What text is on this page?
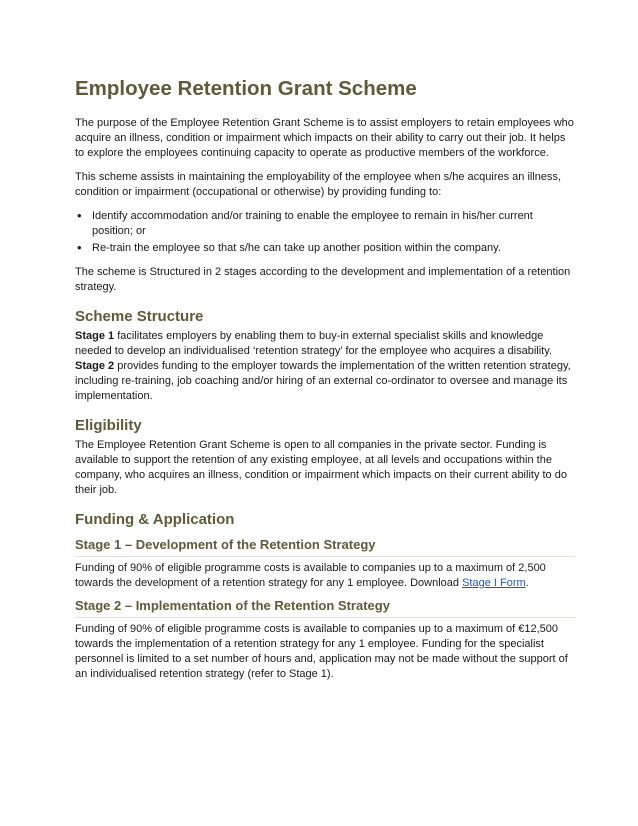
Employee Retention Grant Scheme

The purpose of the Employee Retention Grant Scheme is to assist employers to retain employees who acquire an illness, condition or impairment which impacts on their ability to carry out their job. It helps to explore the employees continuing capacity to operate as productive members of the workforce.

This scheme assists in maintaining the employability of the employee when s/he acquires an illness, condition or impairment (occupational or otherwise) by providing funding to:

• Identify accommodation and/or training to enable the employee to remain in his/her current position; or
• Re-train the employee so that s/he can take up another position within the company.

The scheme is Structured in 2 stages according to the development and implementation of a retention strategy.

Scheme Structure

Stage 1 facilitates employers by enabling them to buy-in external specialist skills and knowledge needed to develop an individualised ‘retention strategy’ for the employee who acquires a disability.

Stage 2 provides funding to the employer towards the implementation of the written retention strategy, including re-training, job coaching and/or hiring of an external co-ordinator to oversee and manage its implementation.

Eligibility

The Employee Retention Grant Scheme is open to all companies in the private sector. Funding is available to support the retention of any existing employee, at all levels and occupations within the company, who acquires an illness, condition or impairment which impacts on their current ability to do their job.

Funding & Application
Stage 1 – Development of the Retention Strategy

Funding of 90% of eligible programme costs is available to companies up to a maximum of 2,500 towards the development of a retention strategy for any 1 employee. Download Stage I Form.

Stage 2 – Implementation of the Retention Strategy

Funding of 90% of eligible programme costs is available to companies up to a maximum of €12,500 towards the implementation of a retention strategy for any 1 employee. Funding for the specialist personnel is limited to a set number of hours and, application may not be made without the support of an individualised retention strategy (refer to Stage 1).
